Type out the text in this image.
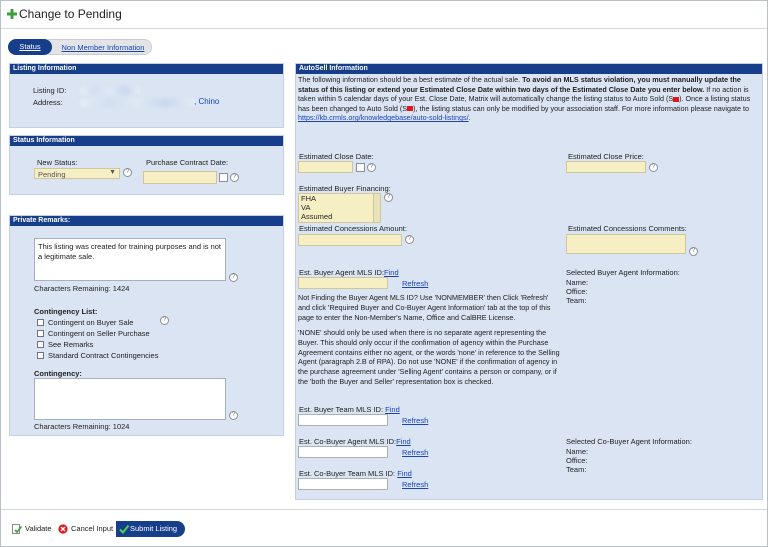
Change to Pending
Non Member Information
Status
Listing Information
Listing ID:
Address:	, Chino
Status Information
New Status:
Pending	▼	?
Purchase Contract Date:
?
Private Remarks:
This listing was created for training purposes and is not a legitimate sale.
?
Characters Remaining: 1424
Contingency List:
?
Contingent on Buyer Sale
Contingent on Seller Purchase
See Remarks
Standard Contract Contingencies
Contingency:
?
Characters Remaining: 1024
AutoSell Information
The following information should be a best estimate of the actual sale. To avoid an MLS status violation, you must manually update the status of this listing or extend your Estimated Close Date within two days of the Estimated Close Date you enter below. If no action is taken within 5 calendar days of your Est. Close Date, Matrix will automatically change the listing status to Auto Sold (S ). Once a listing status has been changed to Auto Sold (S ), the listing status can only be modified by your association staff. For more information please navigate to https://kb.crmls.org/knowledgebase/auto-sold-listings/.
Estimated Close Date:
?
Estimated Close Price:
?
Estimated Buyer Financing:
FHA
VA
Assumed
?
Estimated Concessions Amount:
?
Estimated Concessions Comments:
?
Est. Buyer Agent MLS ID:Find
Refresh
Selected Buyer Agent Information:
Name:
Office:
Team:
Not Finding the Buyer Agent MLS ID? Use 'NONMEMBER' then Click 'Refresh' and click 'Required Buyer and Co-Buyer Agent Information' tab at the top of this page to enter the Non-Member's Name, Office and CalBRE License.
'NONE' should only be used when there is no separate agent representing the Buyer. This should only occur if the confirmation of agency within the Purchase Agreement contains either no agent, or the words 'none' in reference to the Selling Agent (paragraph 2.B of RPA). Do not use 'NONE' if the confirmation of agency in the purchase agreement under 'Selling Agent' contains a person or company, or if the 'both the Buyer and Seller' representation box is checked.
Est. Buyer Team MLS ID: Find
Refresh
Est. Co-Buyer Agent MLS ID:Find
Refresh
Selected Co-Buyer Agent Information:
Name:
Office:
Team:
Est. Co-Buyer Team MLS ID: Find
Refresh
Validate	Cancel Input	Submit Listing
